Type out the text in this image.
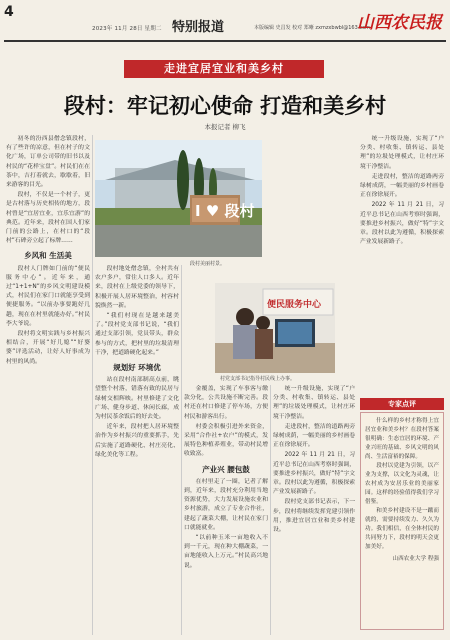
4
2023年 11月 28日 星期二 特别报道	本版编辑 史昌发 校对 郑晰 zxmzxbwbl@163.com
山西农民报
走进宜居宜业和美乡村
段村：牢记初心使命 打造和美乡村
本报记者 柳飞

初冬的汾西县僧念镇段村，有了些许的凉意，但在村子的文化广场，订单公司带的旧书以及村民的“花样宝盘”。村民们在在茶中，吉打着就去，歇歇着，旧来游客的目光。

段村，不仅是一个村子，更是古村落与历史相传的地方，段村曾是“宜居宜业，宜乐宜游”的典范。近年来，段村在国人们家门前的公路上，在村口的“段村”石碑旁立起了标牌……

乡风和 生活美

段村人门牌如门前的“便民服务中心”。近年来，通过“1+1+N”的乡风文明建设模式，村民们在家门口就能享受到便捷服务。“以前办事要跑好几趟，现在在村里就能办好。”村民李大爷说。

段村将文明实践与乡村振兴相结合，开展“好儿媳”“好婆婆”评选活动，让好人好事成为村里的风尚。

I ♥ 段村
段村美丽村景。

段村地处僧念镇，全村共有农户多户，常住人口多人。近年来，段村在上级党委的领导下，积极开展人居环境整治，村容村貌焕然一新。

“我们村现在是越来越美了。”段村党支部书记说，“我们通过支部引领，党员带头，群众参与的方式，把村里的垃圾清理干净，把道路硬化起来。”

规划好 环境优

站在段村南部制高点前，眺望整个村落，错落有致的民居与绿树交相辉映。村里修建了文化广场、健身步道、休闲长廊，成为村民茶余饭后的好去处。

近年来，段村把人居环境整治作为乡村振兴的重要抓手，先后实施了道路硬化、村庄亮化、绿化美化等工程。

便民服务中心
村党支部书记指导村民线上办事。

金覆盖，实现了车事客与缴款分化，公共设施不断完善。段村还在村口修建了停车场，方便村民和游客出行。

村委会积极引进外来资金，采用“合作社+农户”的模式，发展特色种植养殖业，带动村民增收致富。

产业兴 腰包鼓

在村里走了一圈，记者了解到，近年来，段村充分利用当地资源优势，大力发展设施农业和乡村旅游，成立了专业合作社，建起了蔬菜大棚，让村民在家门口就能就业。

“以前种玉米一亩地收入不到一千元，现在种大棚蔬菜，一亩地能收入上万元。”村民高兴地说。

统一升级设施，实现了“户分类、村收集、镇转运、县处理”的垃圾处理模式，让村庄环境干净整洁。

走进段村，整洁的道路两旁绿树成荫，一幅美丽的乡村画卷正在徐徐展开。

2022 年 11 月 21 日，习近平总书记在山西考察时强调，要推进乡村振兴，做好“特”字文章。段村以此为遵循，积极探索产业发展新路子。

段村党支部书记表示，下一步，段村将继续发挥党建引领作用，推进宜居宜业和美乡村建设。

统一升级设施，实现了“户分类、村收集、镇转运、县处理”的垃圾处理模式，让村庄环境干净整洁。

走进段村，整洁的道路两旁绿树成荫，一幅美丽的乡村画卷正在徐徐展开。

2022 年 11 月 21 日，习近平总书记在山西考察时强调，要推进乡村振兴，做好“特”字文章。段村以此为遵循，积极探索产业发展新路子。

专家点评

什么样的乡村才称得上宜居宜业和美乡村？在段村答案很明确：生态宜居的环境、产业兴旺的基础、乡风文明的风尚、生活富裕的保障。

段村以党建为引领，以产业为支撑，以文化为灵魂，让农村成为安居乐业的美丽家园。这样的经验值得我们学习借鉴。

和美乡村建设不是一蹴而就的，需要持续发力、久久为功。我们相信，在全体村民的共同努力下，段村的明天会更加美好。

山西农业大学 程强
